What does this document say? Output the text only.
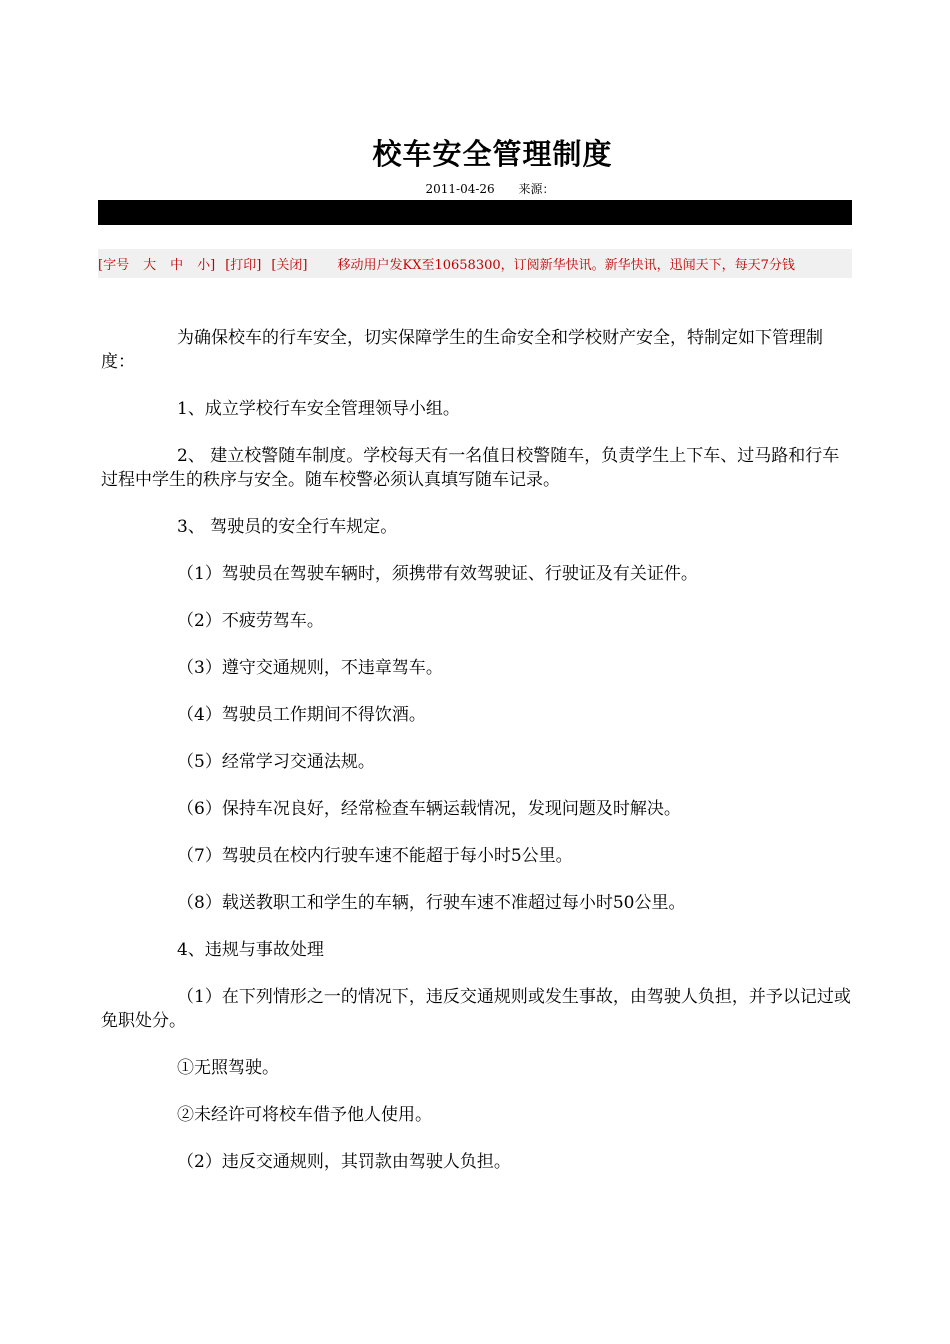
校车安全管理制度
2011-04-26 来源：
[字号 大 中 小] [打印] [关闭] 移动用户发KX至10658300，订阅新华快讯。新华快讯，迅闻天下，每天7分钱

为确保校车的行车安全，切实保障学生的生命安全和学校财产安全，特制定如下管理制度：

1、成立学校行车安全管理领导小组。

2、 建立校警随车制度。学校每天有一名值日校警随车，负责学生上下车、过马路和行车过程中学生的秩序与安全。随车校警必须认真填写随车记录。

3、 驾驶员的安全行车规定。

（1）驾驶员在驾驶车辆时，须携带有效驾驶证、行驶证及有关证件。

（2）不疲劳驾车。

（3）遵守交通规则，不违章驾车。

（4）驾驶员工作期间不得饮酒。

（5）经常学习交通法规。

（6）保持车况良好，经常检查车辆运载情况，发现问题及时解决。

（7）驾驶员在校内行驶车速不能超于每小时5公里。

（8）载送教职工和学生的车辆，行驶车速不准超过每小时50公里。

4、违规与事故处理

（1）在下列情形之一的情况下，违反交通规则或发生事故，由驾驶人负担，并予以记过或免职处分。

①无照驾驶。

②未经许可将校车借予他人使用。

（2）违反交通规则，其罚款由驾驶人负担。
